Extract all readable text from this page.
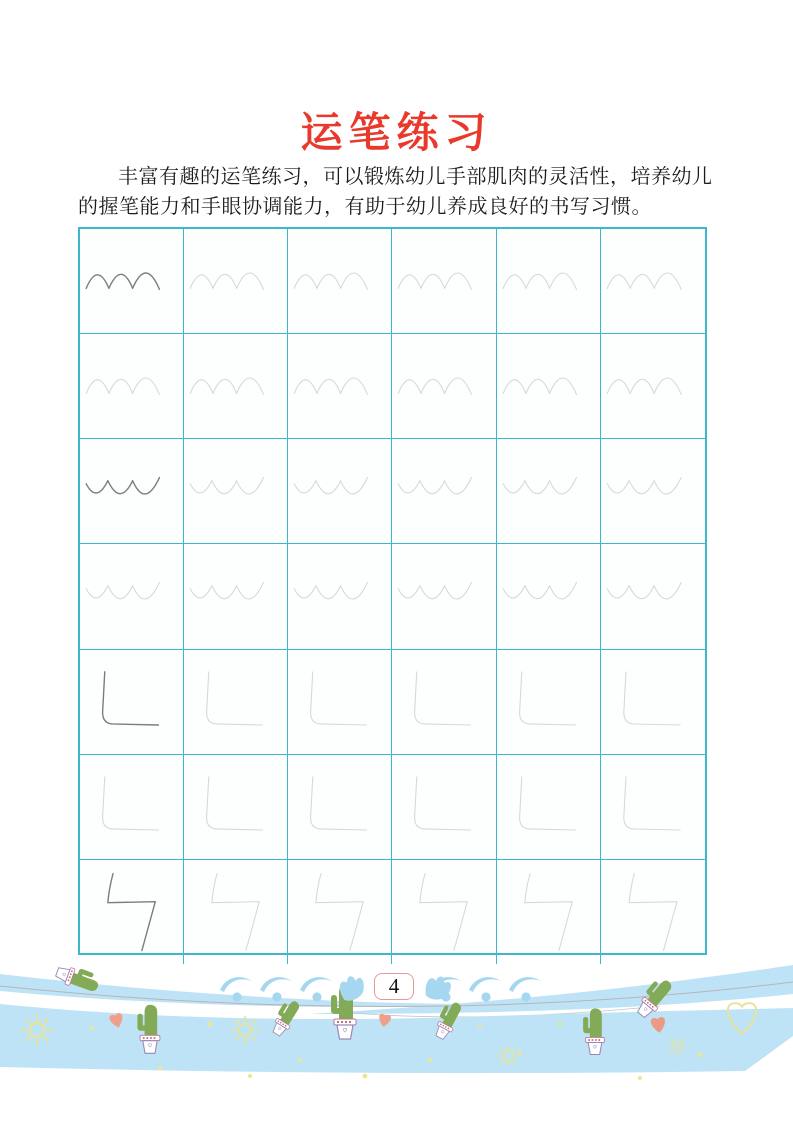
运笔练习
丰富有趣的运笔练习，可以锻炼幼儿手部肌肉的灵活性，培养幼儿
的握笔能力和手眼协调能力，有助于幼儿养成良好的书写习惯。
4
